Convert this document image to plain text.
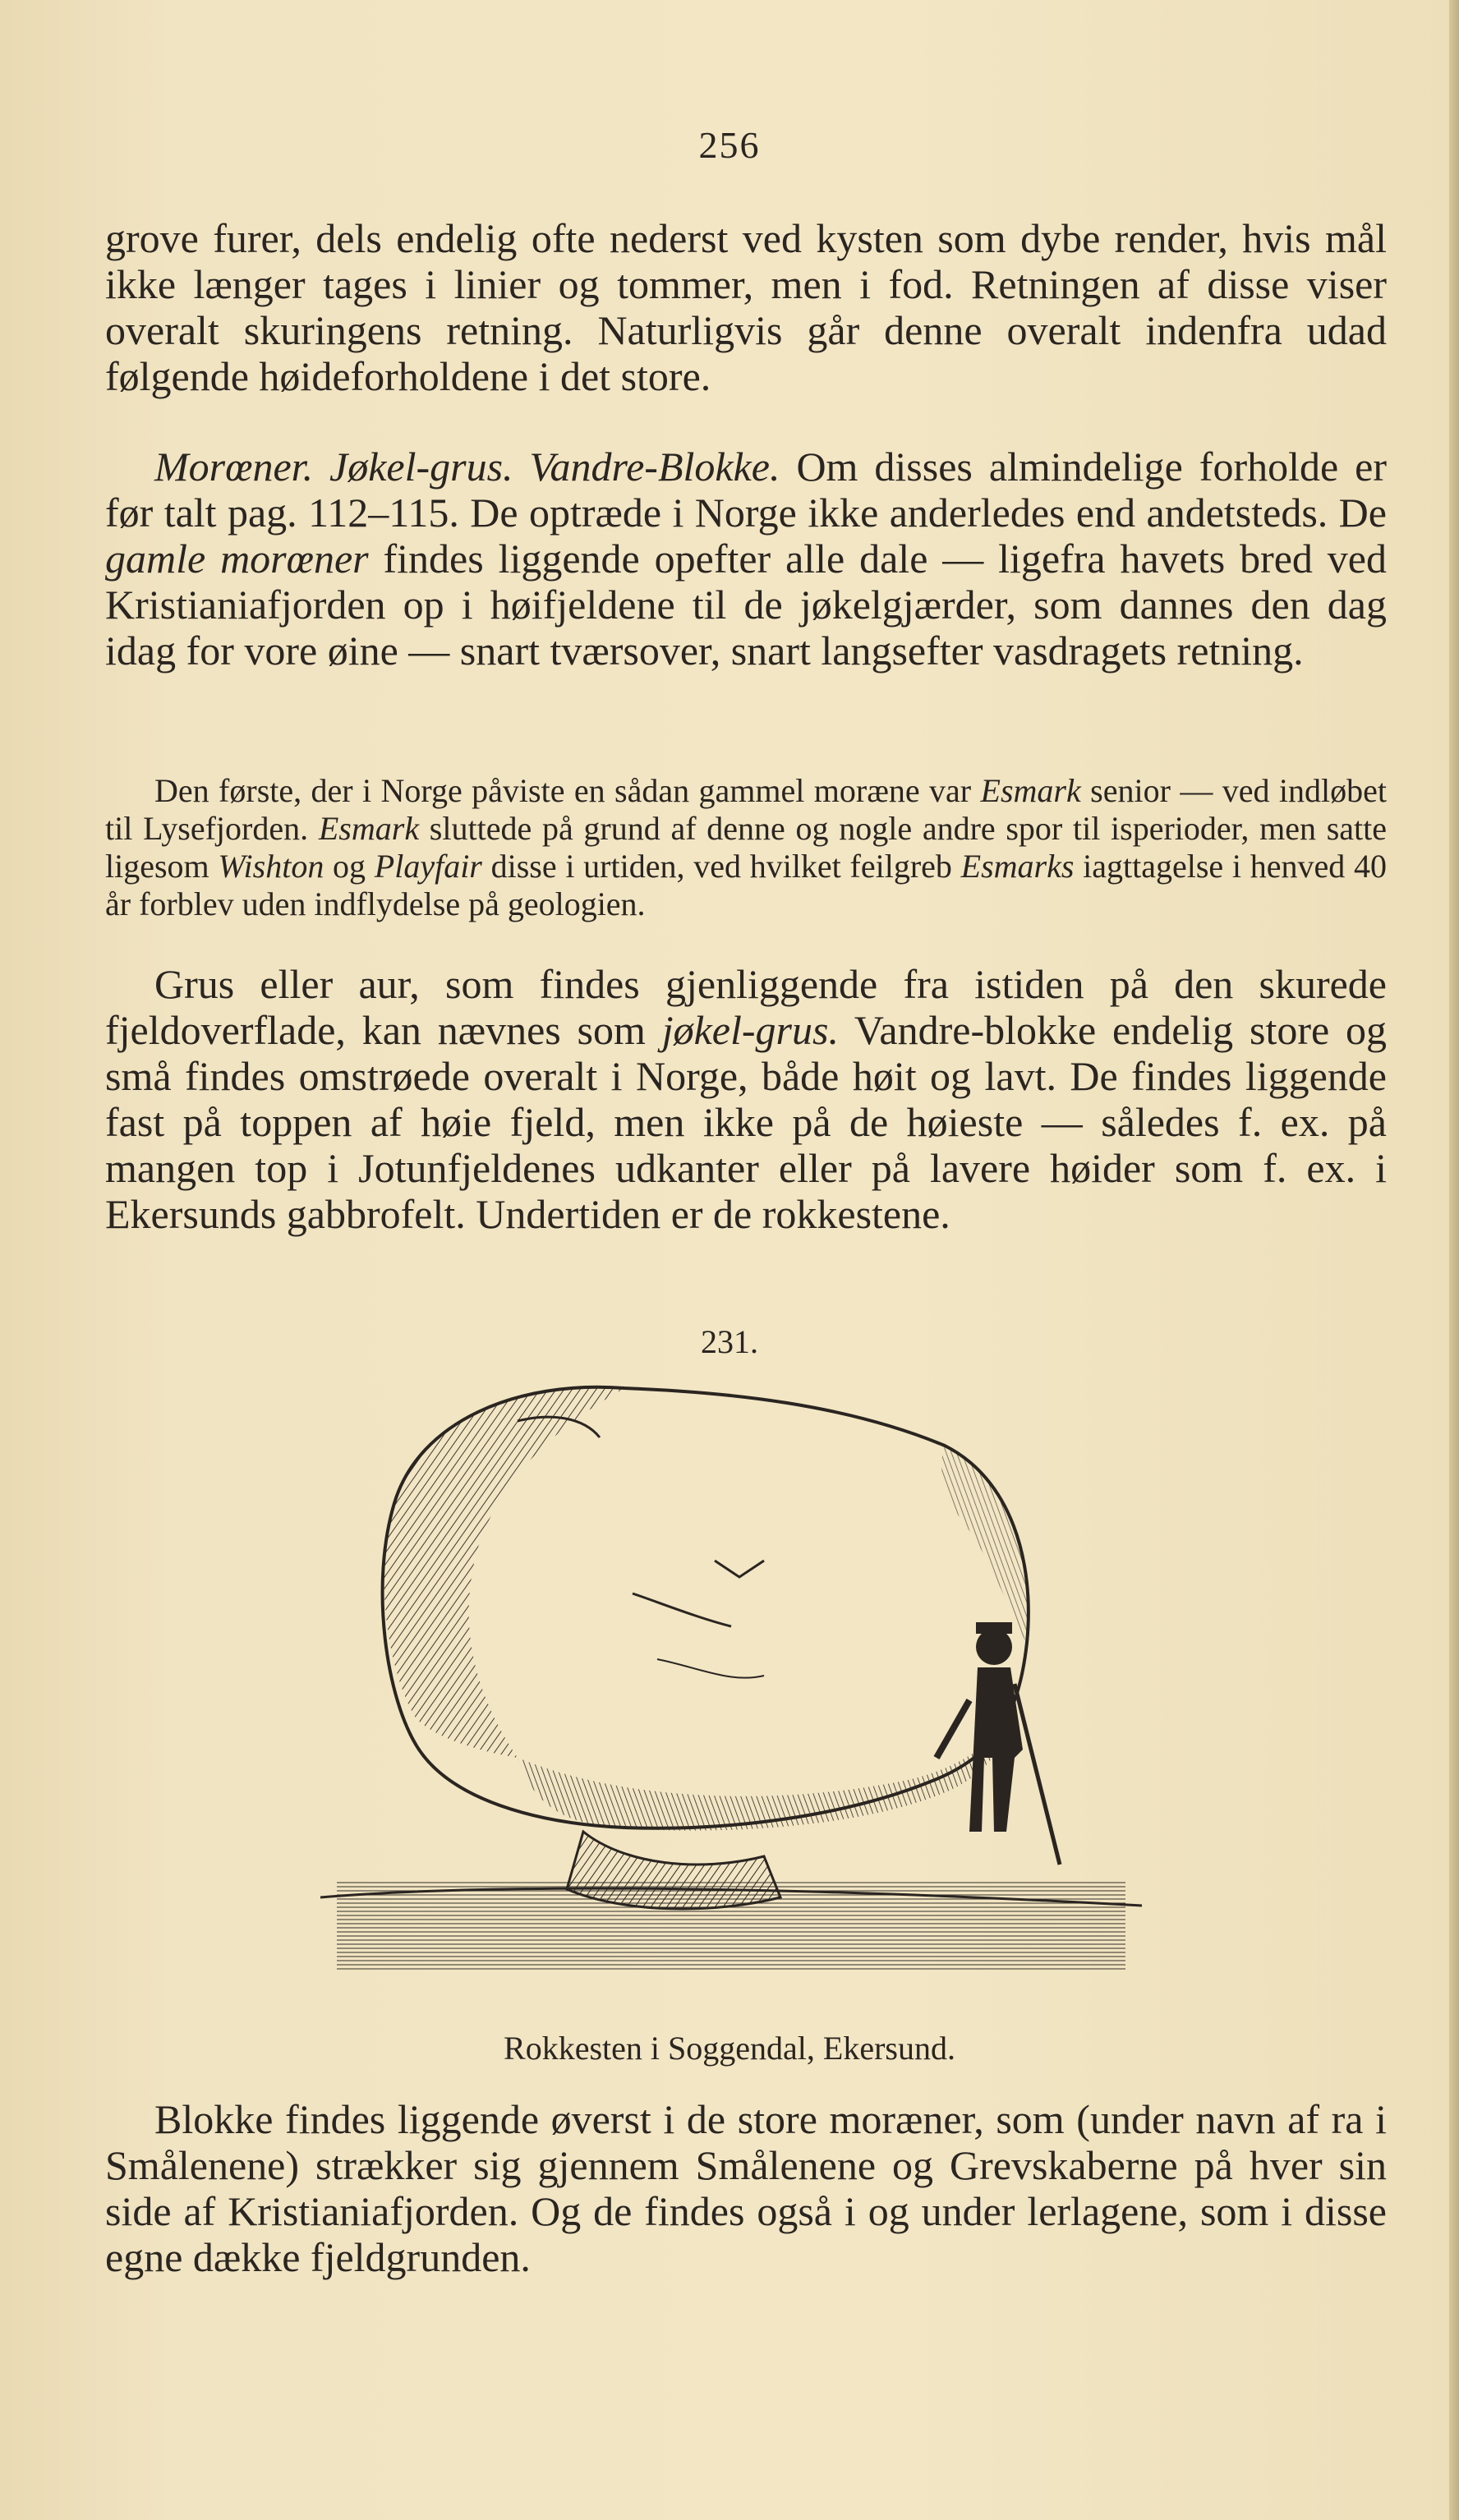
256

grove furer, dels endelig ofte nederst ved kysten som dybe render, hvis mål ikke længer tages i linier og tommer, men i fod. Retningen af disse viser overalt skuringens retning. Naturligvis går denne overalt indenfra udad følgende høideforholdene i det store.

Morœner. Jøkel-grus. Vandre-Blokke. Om disses almindelige forholde er før talt pag. 112–115. De optræde i Norge ikke anderledes end andetsteds. De gamle morœner findes liggende opefter alle dale — ligefra havets bred ved Kristianiafjorden op i høifjeldene til de jøkelgjærder, som dannes den dag idag for vore øine — snart tværsover, snart langsefter vasdragets retning.

Den første, der i Norge påviste en sådan gammel moræne var Esmark senior — ved indløbet til Lysefjorden. Esmark sluttede på grund af denne og nogle andre spor til isperioder, men satte ligesom Wishton og Playfair disse i urtiden, ved hvilket feilgreb Esmarks iagttagelse i henved 40 år forblev uden indflydelse på geologien.

Grus eller aur, som findes gjenliggende fra istiden på den skurede fjeldoverflade, kan nævnes som jøkel-grus. Vandre-blokke endelig store og små findes omstrøede overalt i Norge, både høit og lavt. De findes liggende fast på toppen af høie fjeld, men ikke på de høieste — således f. ex. på mangen top i Jotunfjeldenes udkanter eller på lavere høider som f. ex. i Ekersunds gabbrofelt. Undertiden er de rokkestene.

231.
Rokkesten i Soggendal, Ekersund.

Blokke findes liggende øverst i de store moræner, som (under navn af ra i Smålenene) strækker sig gjennem Smålenene og Grevskaberne på hver sin side af Kristianiafjorden. Og de findes også i og under lerlagene, som i disse egne dække fjeldgrunden.
